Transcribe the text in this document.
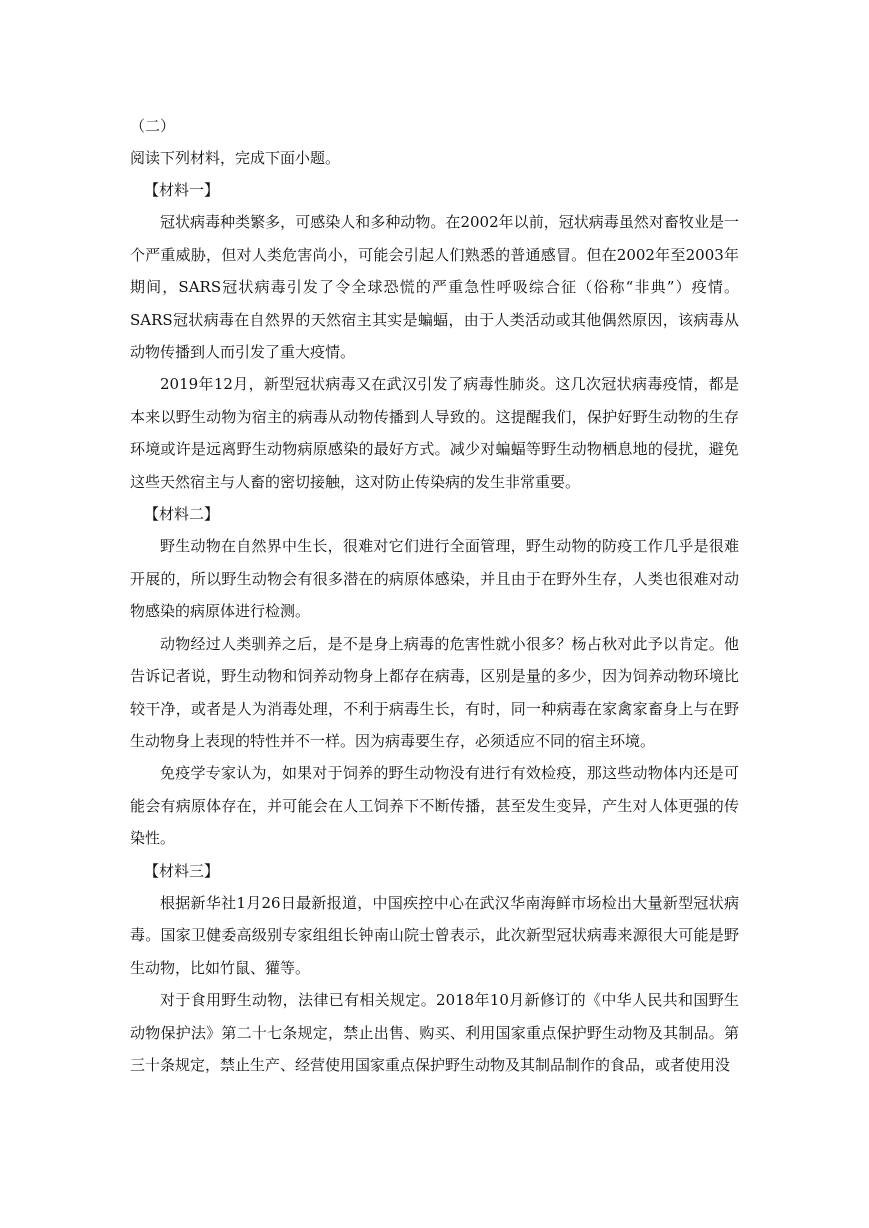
（二）

阅读下列材料，完成下面小题。

【材料一】

冠状病毒种类繁多，可感染人和多种动物。在2002年以前，冠状病毒虽然对畜牧业是一个严重威胁，但对人类危害尚小，可能会引起人们熟悉的普通感冒。但在2002年至2003年期间，SARS冠状病毒引发了令全球恐慌的严重急性呼吸综合征（俗称“非典”）疫情。SARS冠状病毒在自然界的天然宿主其实是蝙蝠，由于人类活动或其他偶然原因，该病毒从动物传播到人而引发了重大疫情。

2019年12月，新型冠状病毒又在武汉引发了病毒性肺炎。这几次冠状病毒疫情，都是本来以野生动物为宿主的病毒从动物传播到人导致的。这提醒我们，保护好野生动物的生存环境或许是远离野生动物病原感染的最好方式。减少对蝙蝠等野生动物栖息地的侵扰，避免这些天然宿主与人畜的密切接触，这对防止传染病的发生非常重要。

【材料二】

野生动物在自然界中生长，很难对它们进行全面管理，野生动物的防疫工作几乎是很难开展的，所以野生动物会有很多潜在的病原体感染，并且由于在野外生存，人类也很难对动物感染的病原体进行检测。

动物经过人类驯养之后，是不是身上病毒的危害性就小很多？杨占秋对此予以肯定。他告诉记者说，野生动物和饲养动物身上都存在病毒，区别是量的多少，因为饲养动物环境比较干净，或者是人为消毒处理，不利于病毒生长，有时，同一种病毒在家禽家畜身上与在野生动物身上表现的特性并不一样。因为病毒要生存，必须适应不同的宿主环境。

免疫学专家认为，如果对于饲养的野生动物没有进行有效检疫，那这些动物体内还是可能会有病原体存在，并可能会在人工饲养下不断传播，甚至发生变异，产生对人体更强的传染性。

【材料三】

根据新华社1月26日最新报道，中国疾控中心在武汉华南海鲜市场检出大量新型冠状病毒。国家卫健委高级别专家组组长钟南山院士曾表示，此次新型冠状病毒来源很大可能是野生动物，比如竹鼠、獾等。

对于食用野生动物，法律已有相关规定。2018年10月新修订的《中华人民共和国野生动物保护法》第二十七条规定，禁止出售、购买、利用国家重点保护野生动物及其制品。第三十条规定，禁止生产、经营使用国家重点保护野生动物及其制品制作的食品，或者使用没
